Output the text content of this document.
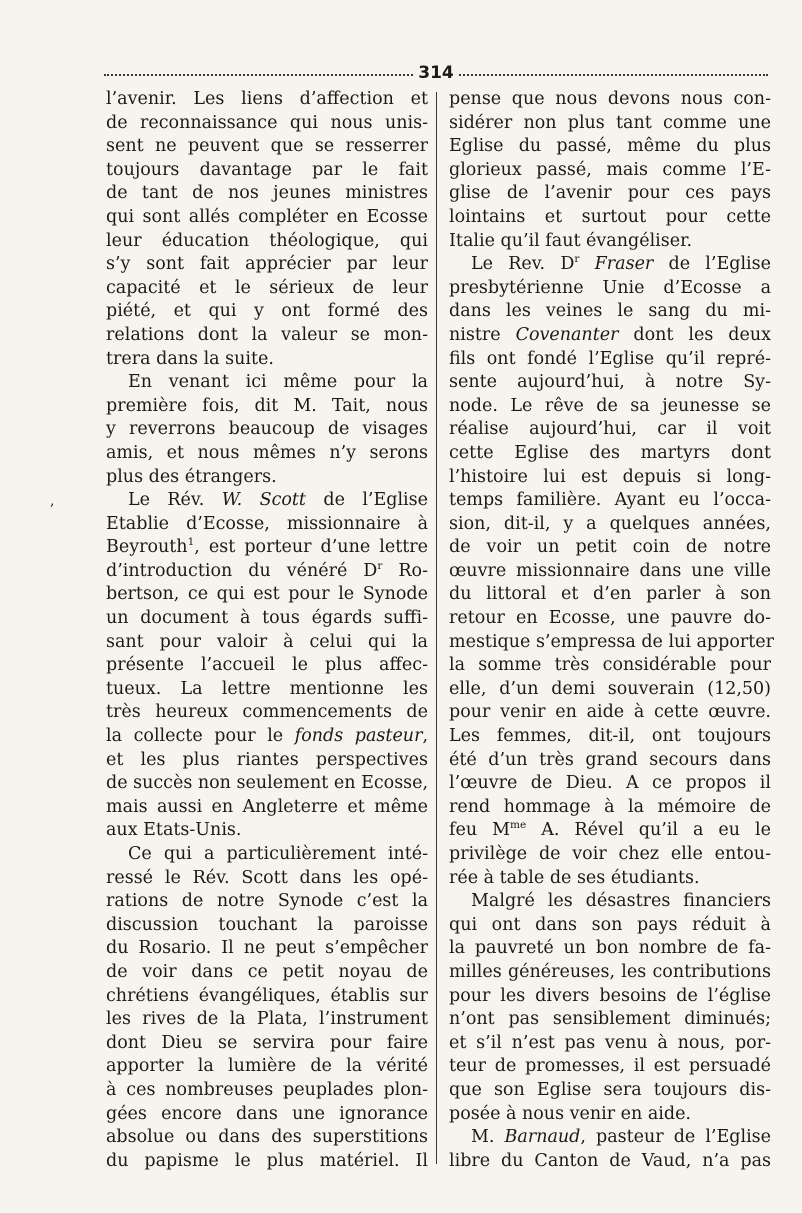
314
,
l’avenir. Les liens d’affection et
de reconnaissance qui nous unis-
sent ne peuvent que se resserrer
toujours davantage par le fait
de tant de nos jeunes ministres
qui sont allés compléter en Ecosse
leur éducation théologique, qui
s’y sont fait apprécier par leur
capacité et le sérieux de leur
piété, et qui y ont formé des
relations dont la valeur se mon-
trera dans la suite.
En venant ici même pour la
première fois, dit M. Tait, nous
y reverrons beaucoup de visages
amis, et nous mêmes n’y serons
plus des étrangers.
Le Rév. W. Scott de l’Eglise
Etablie d’Ecosse, missionnaire à
Beyrouth$^1$, est porteur d’une lettre
d’introduction du vénéré $D^r$ Ro-
bertson, ce qui est pour le Synode
un document à tous égards suffi-
sant pour valoir à celui qui la
présente l’accueil le plus affec-
tueux. La lettre mentionne les
très heureux commencements de
la collecte pour le fonds pasteur,
et les plus riantes perspectives
de succès non seulement en Ecosse,
mais aussi en Angleterre et même
aux Etats-Unis.
Ce qui a particulièrement inté-
ressé le Rév. Scott dans les opé-
rations de notre Synode c’est la
discussion touchant la paroisse
du Rosario. Il ne peut s’empêcher
de voir dans ce petit noyau de
chrétiens évangéliques, établis sur
les rives de la Plata, l’instrument
dont Dieu se servira pour faire
apporter la lumière de la vérité
à ces nombreuses peuplades plon-
gées encore dans une ignorance
absolue ou dans des superstitions
du papisme le plus matériel. Il
pense que nous devons nous con-
sidérer non plus tant comme une
Eglise du passé, même du plus
glorieux passé, mais comme l’E-
glise de l’avenir pour ces pays
lointains et surtout pour cette
Italie qu’il faut évangéliser.
Le Rev. $D^r$ Fraser de l’Eglise
presbytérienne Unie d’Ecosse a
dans les veines le sang du mi-
nistre Covenanter dont les deux
fils ont fondé l’Eglise qu’il repré-
sente aujourd’hui, à notre Sy-
node. Le rêve de sa jeunesse se
réalise aujourd’hui, car il voit
cette Eglise des martyrs dont
l’histoire lui est depuis si long-
temps familière. Ayant eu l’occa-
sion, dit-il, y a quelques années,
de voir un petit coin de notre
œuvre missionnaire dans une ville
du littoral et d’en parler à son
retour en Ecosse, une pauvre do-
mestique s’empressa de lui apporter
la somme très considérable pour
elle, d’un demi souverain (12,50)
pour venir en aide à cette œuvre.
Les femmes, dit-il, ont toujours
été d’un très grand secours dans
l’œuvre de Dieu. A ce propos il
rend hommage à la mémoire de
feu $M^{me}$ A. Rével qu’il a eu le
privilège de voir chez elle entou-
rée à table de ses étudiants.
Malgré les désastres financiers
qui ont dans son pays réduit à
la pauvreté un bon nombre de fa-
milles généreuses, les contributions
pour les divers besoins de l’église
n’ont pas sensiblement diminués;
et s’il n’est pas venu à nous, por-
teur de promesses, il est persuadé
que son Eglise sera toujours dis-
posée à nous venir en aide.
M. Barnaud, pasteur de l’Eglise
libre du Canton de Vaud, n’a pas
